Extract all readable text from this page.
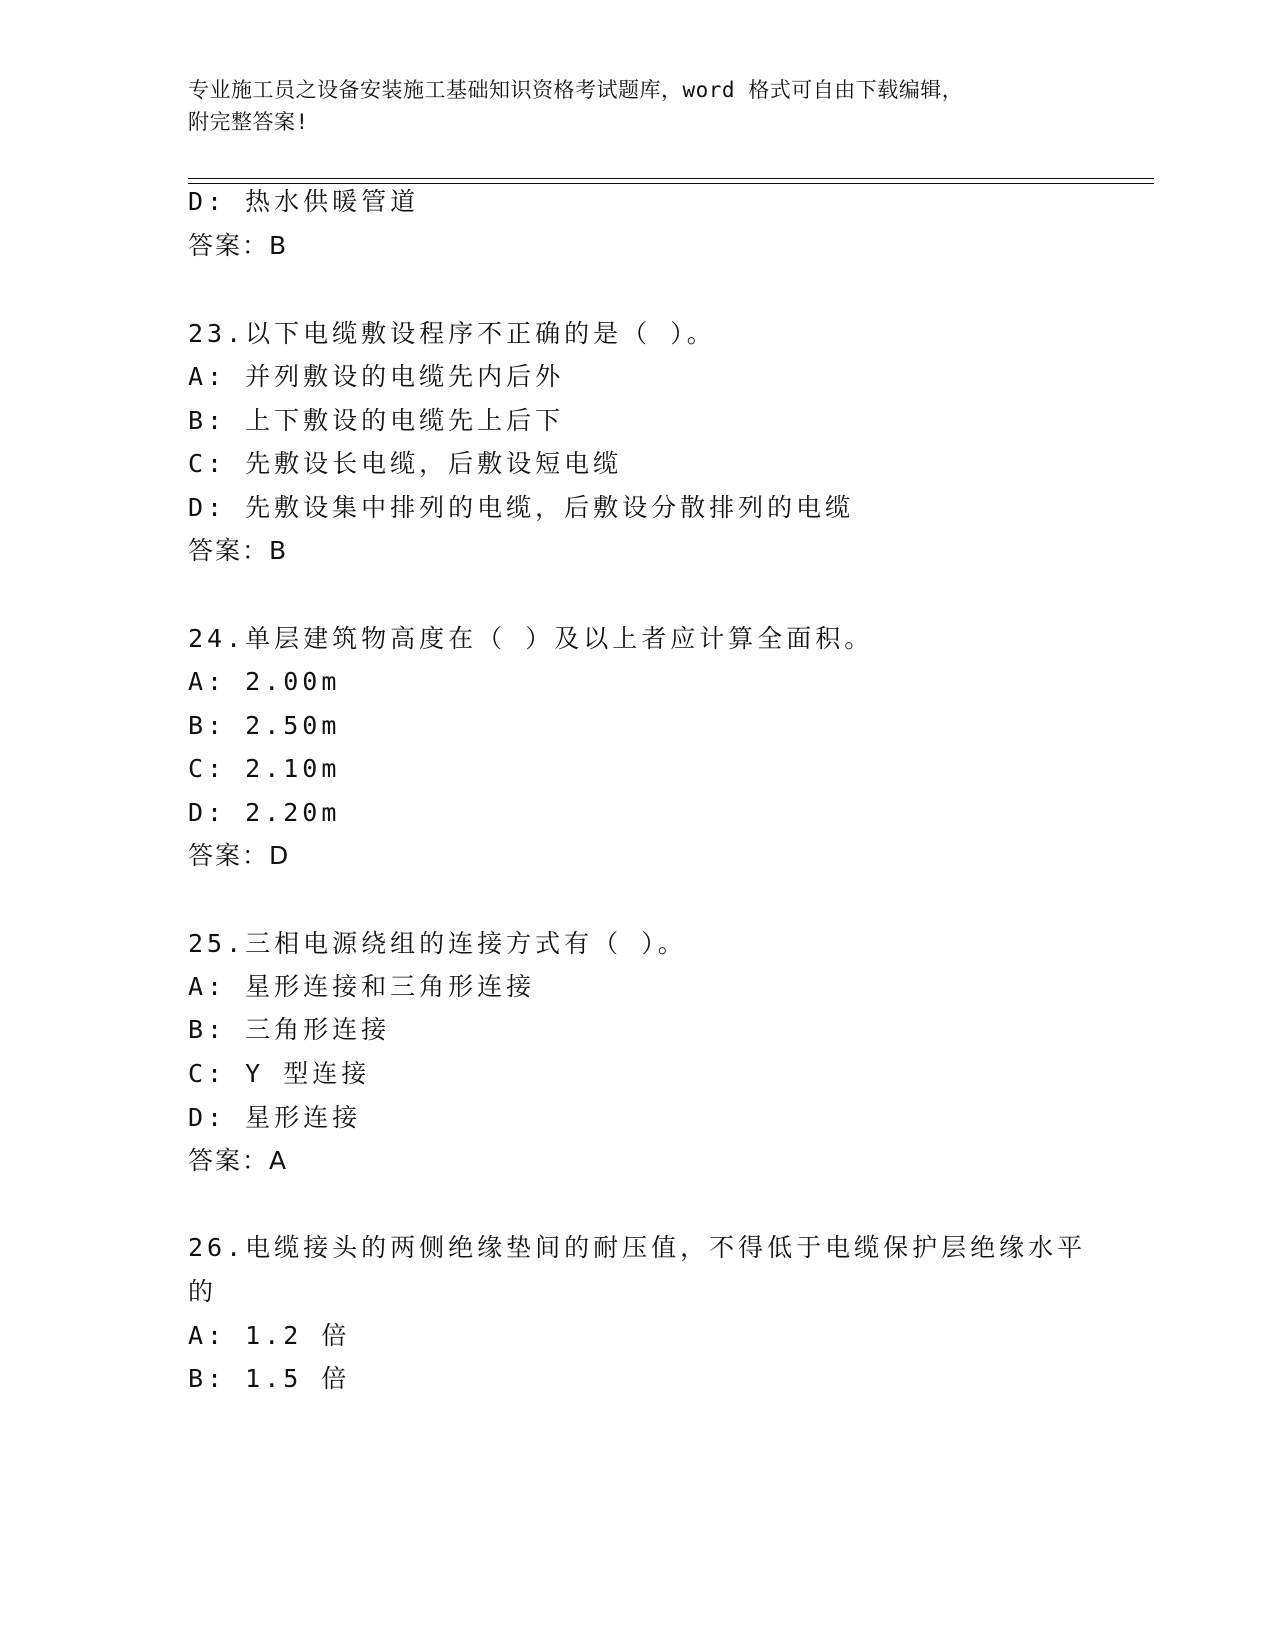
专业施工员之设备安装施工基础知识资格考试题库，word 格式可自由下载编辑，
附完整答案!
D: 热水供暖管道
答案：B
23.以下电缆敷设程序不正确的是（ ）。
A: 并列敷设的电缆先内后外
B: 上下敷设的电缆先上后下
C: 先敷设长电缆，后敷设短电缆
D: 先敷设集中排列的电缆，后敷设分散排列的电缆
答案：B
24.单层建筑物高度在（ ）及以上者应计算全面积。
A: 2.00m
B: 2.50m
C: 2.10m
D: 2.20m
答案：D
25.三相电源绕组的连接方式有（ ）。
A: 星形连接和三角形连接
B: 三角形连接
C: Y 型连接
D: 星形连接
答案：A
26.电缆接头的两侧绝缘垫间的耐压值，不得低于电缆保护层绝缘水平
的
A: 1.2 倍
B: 1.5 倍
